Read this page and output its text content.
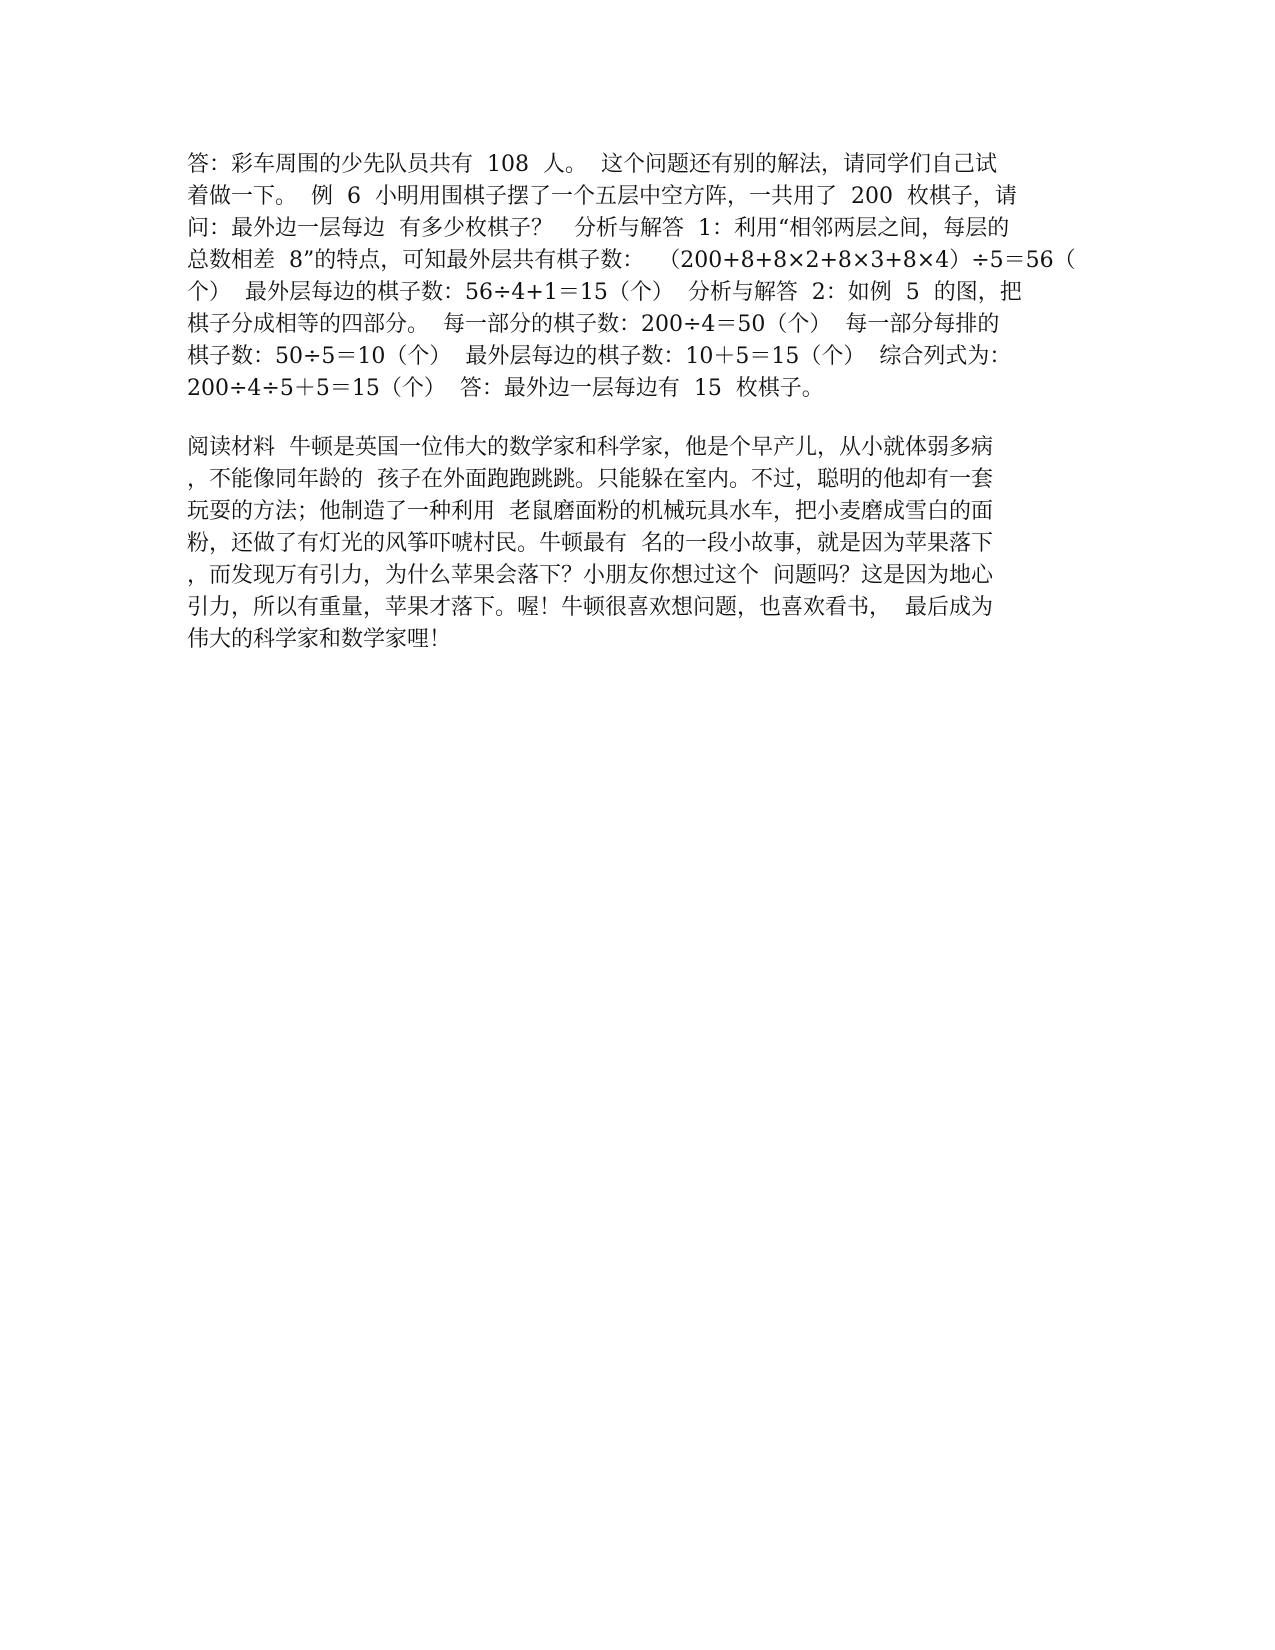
答：彩车周围的少先队员共有  108  人。  这个问题还有别的解法，请同学们自己试
着做一下。  例  6  小明用围棋子摆了一个五层中空方阵，一共用了  200  枚棋子，请
问：最外边一层每边  有多少枚棋子？   分析与解答  1：利用“相邻两层之间，每层的
总数相差  8”的特点，可知最外层共有棋子数：  （200+8+8×2+8×3+8×4）÷5＝56（
个）  最外层每边的棋子数：56÷4+1＝15（个）  分析与解答  2：如例  5  的图，把
棋子分成相等的四部分。  每一部分的棋子数：200÷4＝50（个）  每一部分每排的
棋子数：50÷5＝10（个）  最外层每边的棋子数：10＋5＝15（个）  综合列式为：
200÷4÷5＋5＝15（个）  答：最外边一层每边有  15  枚棋子。
阅读材料  牛顿是英国一位伟大的数学家和科学家，他是个早产儿，从小就体弱多病
，不能像同年龄的  孩子在外面跑跑跳跳。只能躲在室内。不过，聪明的他却有一套
玩耍的方法；他制造了一种利用  老鼠磨面粉的机械玩具水车，把小麦磨成雪白的面
粉，还做了有灯光的风筝吓唬村民。牛顿最有  名的一段小故事，就是因为苹果落下
，而发现万有引力，为什么苹果会落下？小朋友你想过这个  问题吗？这是因为地心
引力，所以有重量，苹果才落下。喔！牛顿很喜欢想问题，也喜欢看书，  最后成为
伟大的科学家和数学家哩！
